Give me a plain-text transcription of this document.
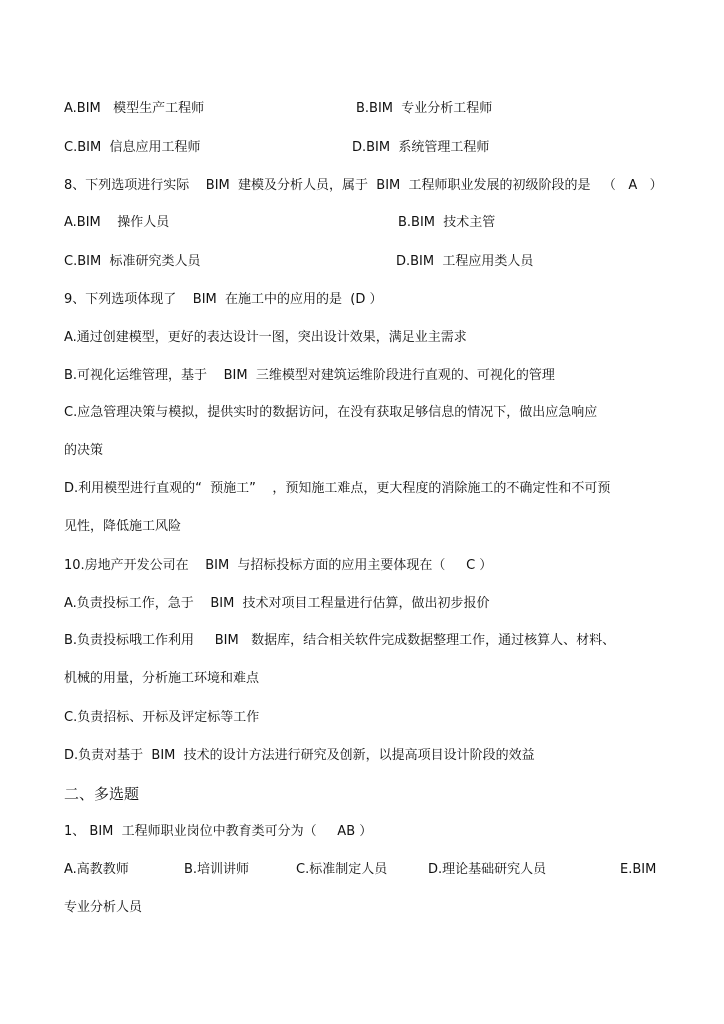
A.BIM   模型生产工程师	B.BIM  专业分析工程师
C.BIM  信息应用工程师	D.BIM  系统管理工程师
8、下列选项进行实际    BIM  建模及分析人员，属于  BIM  工程师职业发展的初级阶段的是   （   A   ）
A.BIM    操作人员	B.BIM  技术主管
C.BIM  标准研究类人员	D.BIM  工程应用类人员
9、下列选项体现了    BIM  在施工中的应用的是  (D ）
A.通过创建模型，更好的表达设计一图，突出设计效果，满足业主需求
B.可视化运维管理，基于    BIM  三维模型对建筑运维阶段进行直观的、可视化的管理
C.应急管理决策与模拟，提供实时的数据访问，在没有获取足够信息的情况下，做出应急响应
的决策
D.利用模型进行直观的“  预施工”    ，预知施工难点，更大程度的消除施工的不确定性和不可预
见性，降低施工风险
10.房地产开发公司在    BIM  与招标投标方面的应用主要体现在（     C ）
A.负责投标工作，急于    BIM  技术对项目工程量进行估算，做出初步报价
B.负责投标哦工作利用     BIM   数据库，结合相关软件完成数据整理工作，通过核算人、材料、
机械的用量，分析施工环境和难点
C.负责招标、开标及评定标等工作
D.负责对基于  BIM  技术的设计方法进行研究及创新，以提高项目设计阶段的效益
二、多选题
1、 BIM  工程师职业岗位中教育类可分为（     AB ）
A.高教教师	B.培训讲师	C.标准制定人员	D.理论基础研究人员	E.BIM
专业分析人员
